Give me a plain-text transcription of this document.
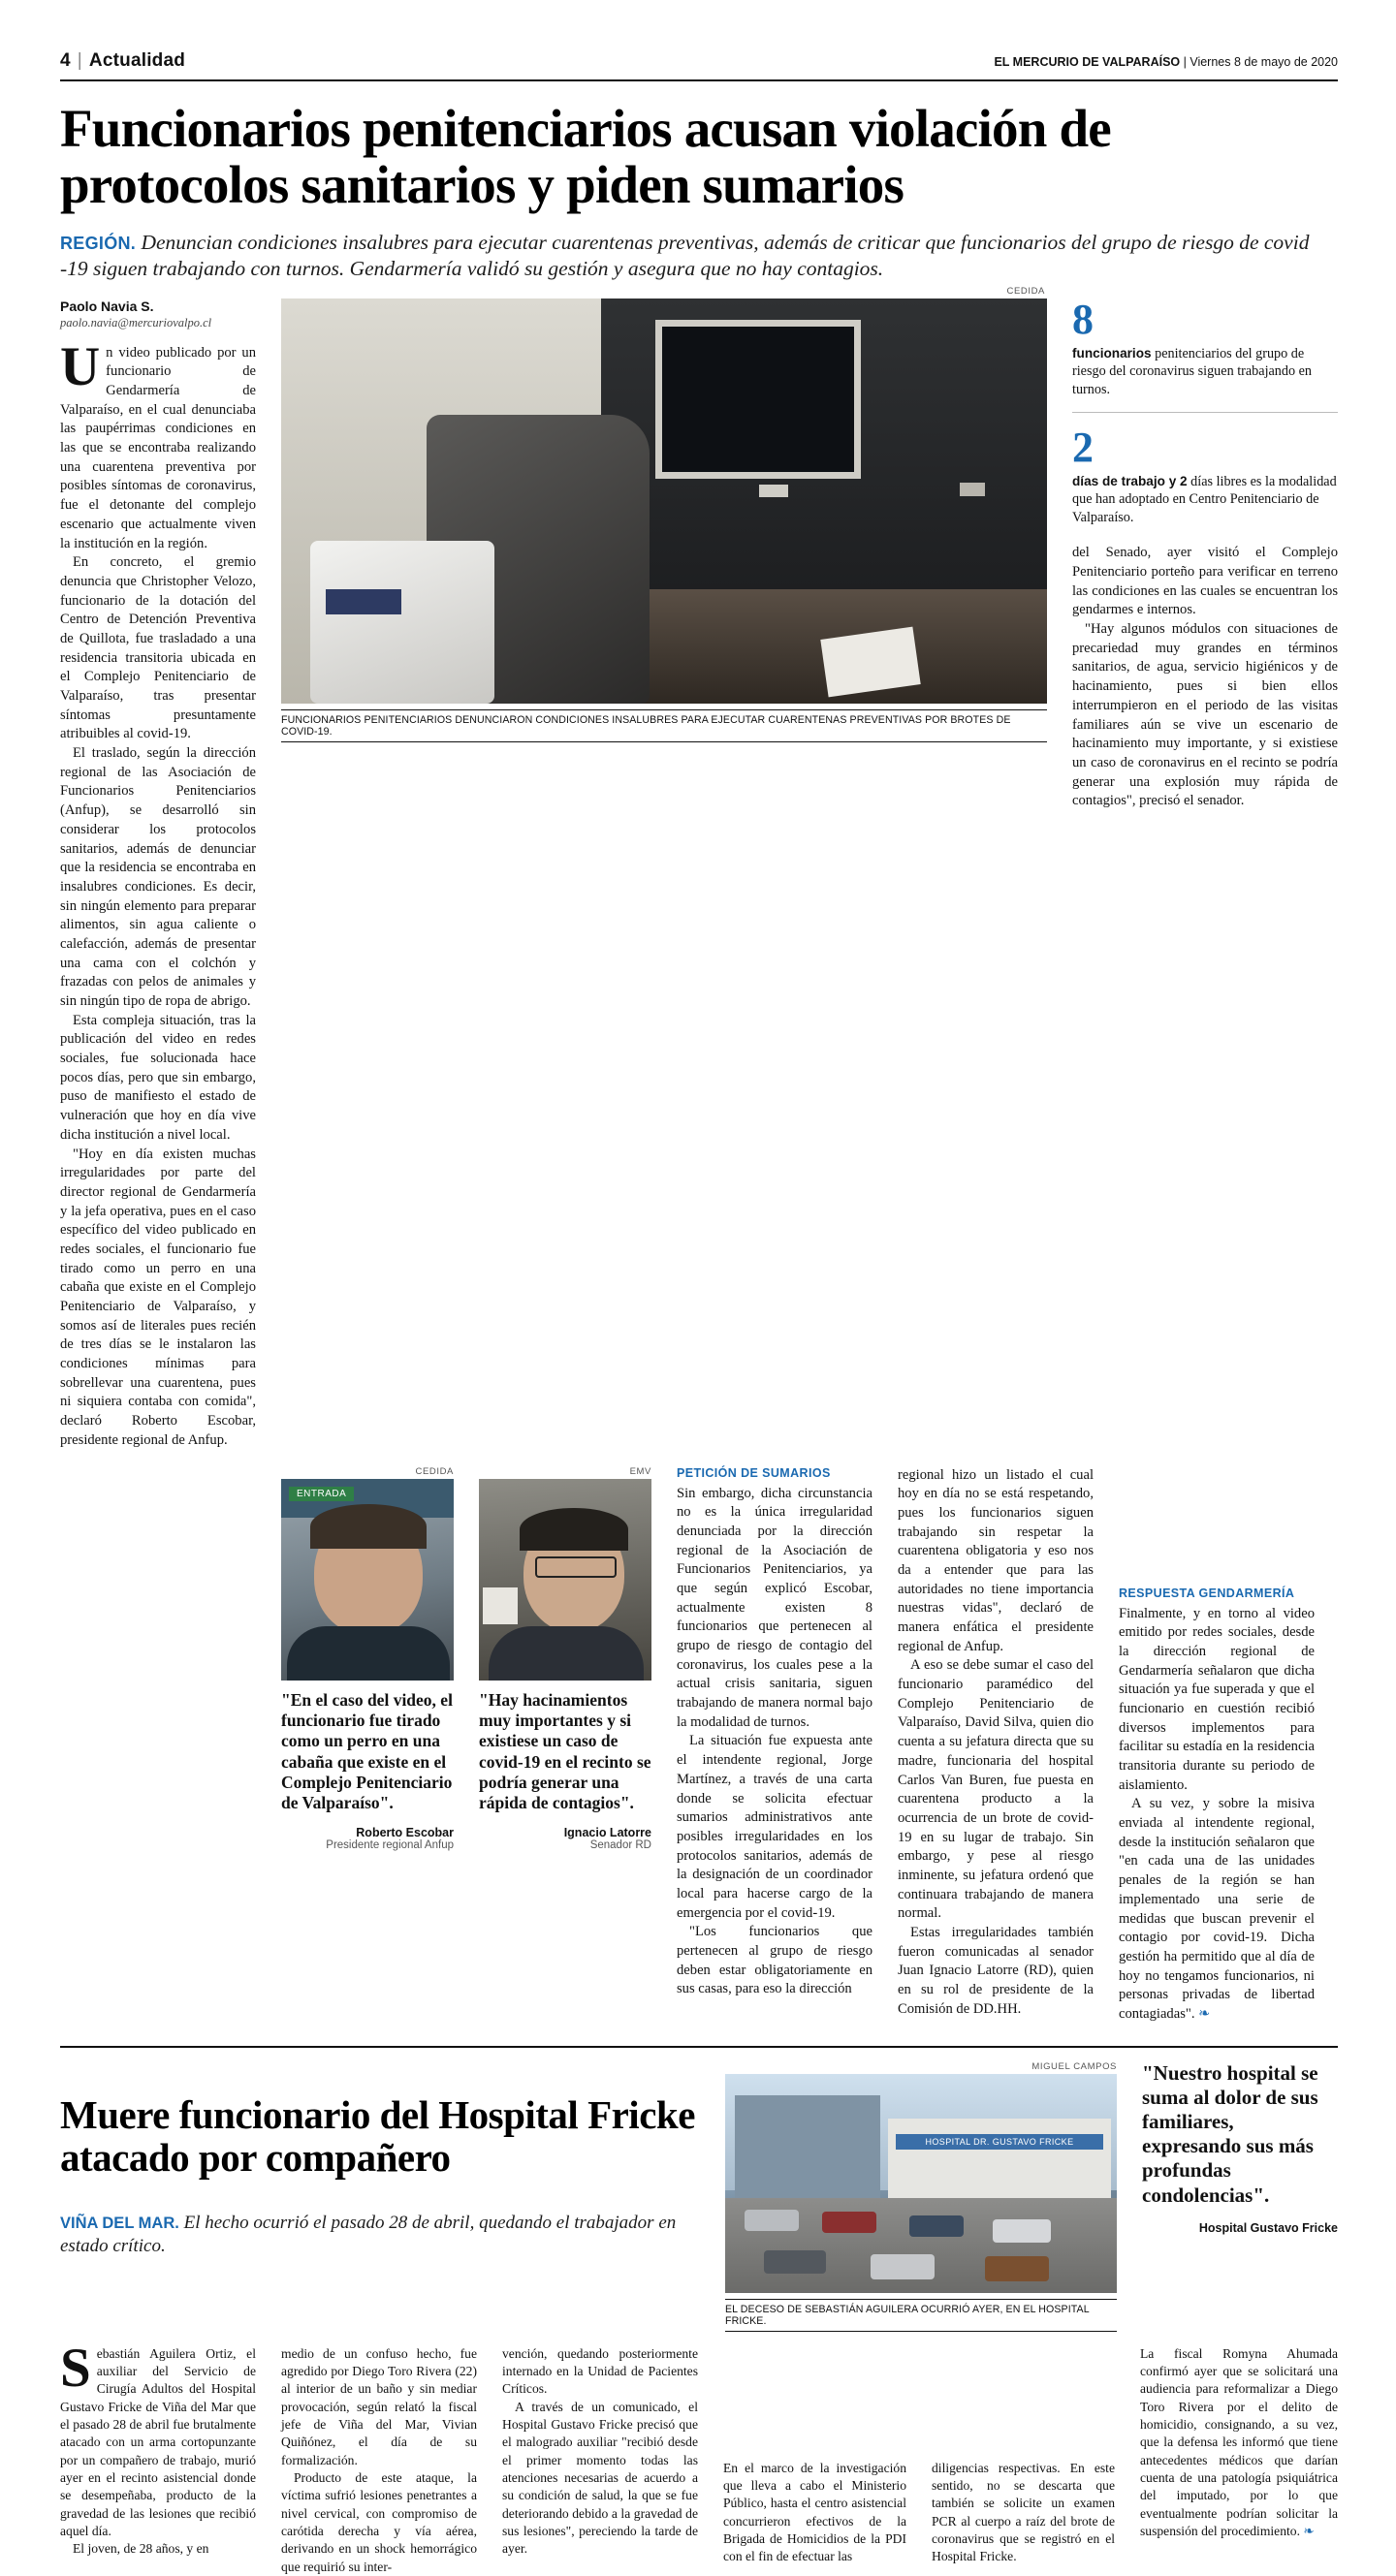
4 | Actualidad	EL MERCURIO DE VALPARAÍSO | Viernes 8 de mayo de 2020
Funcionarios penitenciarios acusan violación de protocolos sanitarios y piden sumarios
REGIÓN. Denuncian condiciones insalubres para ejecutar cuarentenas preventivas, además de criticar que funcionarios del grupo de riesgo de covid -19 siguen trabajando con turnos. Gendarmería validó su gestión y asegura que no hay contagios.
Paolo Navia S.
paolo.navia@mercuriovalpo.cl

Un video publicado por un funcionario de Gendarmería de Valparaíso, en el cual denunciaba las paupérrimas condiciones en las que se encontraba realizando una cuarentena preventiva por posibles síntomas de coronavirus, fue el detonante del complejo escenario que actualmente viven la institución en la región.

En concreto, el gremio denuncia que Christopher Velozo, funcionario de la dotación del Centro de Detención Preventiva de Quillota, fue trasladado a una residencia transitoria ubicada en el Complejo Penitenciario de Valparaíso, tras presentar síntomas presuntamente atribuibles al covid-19.

El traslado, según la dirección regional de las Asociación de Funcionarios Penitenciarios (Anfup), se desarrolló sin considerar los protocolos sanitarios, además de denunciar que la residencia se encontraba en insalubres condiciones. Es decir, sin ningún elemento para preparar alimentos, sin agua caliente o calefacción, además de presentar una cama con el colchón y frazadas con pelos de animales y sin ningún tipo de ropa de abrigo.

Esta compleja situación, tras la publicación del video en redes sociales, fue solucionada hace pocos días, pero que sin embargo, puso de manifiesto el estado de vulneración que hoy en día vive dicha institución a nivel local.

"Hoy en día existen muchas irregularidades por parte del director regional de Gendarmería y la jefa operativa, pues en el caso específico del video publicado en redes sociales, el funcionario fue tirado como un perro en una cabaña que existe en el Complejo Penitenciario de Valparaíso, y somos así de literales pues recién de tres días se le instalaron las condiciones mínimas para sobrellevar una cuarentena, pues ni siquiera contaba con comida", declaró Roberto Escobar, presidente regional de Anfup.

CEDIDA
FUNCIONARIOS PENITENCIARIOS DENUNCIARON CONDICIONES INSALUBRES PARA EJECUTAR CUARENTENAS PREVENTIVAS POR BROTES DE COVID-19.
8
funcionarios penitenciarios del grupo de riesgo del coronavirus siguen trabajando en turnos.
2
días de trabajo y 2 días libres es la modalidad que han adoptado en Centro Penitenciario de Valparaíso.

del Senado, ayer visitó el Complejo Penitenciario porteño para verificar en terreno las condiciones en las cuales se encuentran los gendarmes e internos.

"Hay algunos módulos con situaciones de precariedad muy grandes en términos sanitarios, de agua, servicio higiénicos y de hacinamiento, pues si bien ellos interrumpieron en el periodo de las visitas familiares aún se vive un escenario de hacinamiento muy importante, y si existiese un caso de coronavirus en el recinto se podría generar una explosión muy rápida de contagios", precisó el senador.

CEDIDA
ENTRADA
"En el caso del video, el funcionario fue tirado como un perro en una cabaña que existe en el Complejo Penitenciario de Valparaíso".
Roberto Escobar
Presidente regional Anfup
EMV
"Hay hacinamientos muy importantes y si existiese un caso de covid-19 en el recinto se podría generar una rápida de contagios".
Ignacio Latorre
Senador RD
PETICIÓN DE SUMARIOS

Sin embargo, dicha circunstancia no es la única irregularidad denunciada por la dirección regional de la Asociación de Funcionarios Penitenciarios, ya que según explicó Escobar, actualmente existen 8 funcionarios que pertenecen al grupo de riesgo de contagio del coronavirus, los cuales pese a la actual crisis sanitaria, siguen trabajando de manera normal bajo la modalidad de turnos.

La situación fue expuesta ante el intendente regional, Jorge Martínez, a través de una carta donde se solicita efectuar sumarios administrativos ante posibles irregularidades en los protocolos sanitarios, además de la designación de un coordinador local para hacerse cargo de la emergencia por el covid-19.

"Los funcionarios que pertenecen al grupo de riesgo deben estar obligatoriamente en sus casas, para eso la dirección

regional hizo un listado el cual hoy en día no se está respetando, pues los funcionarios siguen trabajando sin respetar la cuarentena obligatoria y eso nos da a entender que para las autoridades no tiene importancia nuestras vidas", declaró de manera enfática el presidente regional de Anfup.

A eso se debe sumar el caso del funcionario paramédico del Complejo Penitenciario de Valparaíso, David Silva, quien dio cuenta a su jefatura directa que su madre, funcionaria del hospital Carlos Van Buren, fue puesta en cuarentena producto a la ocurrencia de un brote de covid-19 en su lugar de trabajo. Sin embargo, y pese al riesgo inminente, su jefatura ordenó que continuara trabajando de manera normal.

Estas irregularidades también fueron comunicadas al senador Juan Ignacio Latorre (RD), quien en su rol de presidente de la Comisión de DD.HH.

RESPUESTA GENDARMERÍA

Finalmente, y en torno al video emitido por redes sociales, desde la dirección regional de Gendarmería señalaron que dicha situación ya fue superada y que el funcionario en cuestión recibió diversos implementos para facilitar su estadía en la residencia transitoria durante su periodo de aislamiento.

A su vez, y sobre la misiva enviada al intendente regional, desde la institución señalaron que "en cada una de las unidades penales de la región se han implementado una serie de medidas que buscan prevenir el contagio por covid-19. Dicha gestión ha permitido que al día de hoy no tengamos funcionarios, ni personas privadas de libertad contagiadas". ❧

Muere funcionario del Hospital Fricke atacado por compañero
VIÑA DEL MAR. El hecho ocurrió el pasado 28 de abril, quedando el trabajador en estado crítico.
MIGUEL CAMPOS
HOSPITAL DR. GUSTAVO FRICKE
EL DECESO DE SEBASTIÁN AGUILERA OCURRIÓ AYER, EN EL HOSPITAL FRICKE.
"Nuestro hospital se suma al dolor de sus familiares, expresando sus más profundas condolencias".
Hospital Gustavo Fricke

Sebastián Aguilera Ortiz, el auxiliar del Servicio de Cirugía Adultos del Hospital Gustavo Fricke de Viña del Mar que el pasado 28 de abril fue brutalmente atacado con un arma cortopunzante por un compañero de trabajo, murió ayer en el recinto asistencial donde se desempeñaba, producto de la gravedad de las lesiones que recibió aquel día.

El joven, de 28 años, y en

medio de un confuso hecho, fue agredido por Diego Toro Rivera (22) al interior de un baño y sin mediar provocación, según relató la fiscal jefe de Viña del Mar, Vivian Quiñónez, el día de su formalización.

Producto de este ataque, la víctima sufrió lesiones penetrantes a nivel cervical, con compromiso de carótida derecha y vía aérea, derivando en un shock hemorrágico que requirió su inter-

vención, quedando posteriormente internado en la Unidad de Pacientes Críticos.

A través de un comunicado, el Hospital Gustavo Fricke precisó que el malogrado auxiliar "recibió desde el primer momento todas las atenciones necesarias de acuerdo a su condición de salud, la que se fue deteriorando debido a la gravedad de sus lesiones", pereciendo la tarde de ayer.

En el marco de la investigación que lleva a cabo el Ministerio Público, hasta el centro asistencial concurrieron efectivos de la Brigada de Homicidios de la PDI con el fin de efectuar las

diligencias respectivas. En este sentido, no se descarta que también se solicite un examen PCR al cuerpo a raíz del brote de coronavirus que se registró en el Hospital Fricke.

La fiscal Romyna Ahumada confirmó ayer que se solicitará una audiencia para reformalizar a Diego Toro Rivera por el delito de homicidio, consignando, a su vez, que la defensa les informó que tiene antecedentes médicos que darían cuenta de una patología psiquiátrica del imputado, por lo que eventualmente podrían solicitar la suspensión del procedimiento. ❧
